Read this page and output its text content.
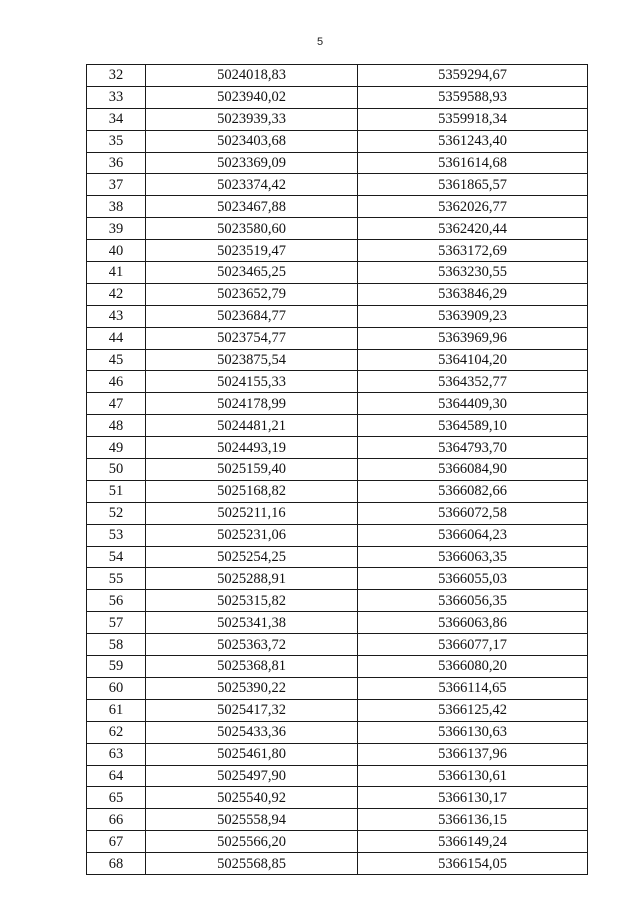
5
32	5024018,83	5359294,67
33	5023940,02	5359588,93
34	5023939,33	5359918,34
35	5023403,68	5361243,40
36	5023369,09	5361614,68
37	5023374,42	5361865,57
38	5023467,88	5362026,77
39	5023580,60	5362420,44
40	5023519,47	5363172,69
41	5023465,25	5363230,55
42	5023652,79	5363846,29
43	5023684,77	5363909,23
44	5023754,77	5363969,96
45	5023875,54	5364104,20
46	5024155,33	5364352,77
47	5024178,99	5364409,30
48	5024481,21	5364589,10
49	5024493,19	5364793,70
50	5025159,40	5366084,90
51	5025168,82	5366082,66
52	5025211,16	5366072,58
53	5025231,06	5366064,23
54	5025254,25	5366063,35
55	5025288,91	5366055,03
56	5025315,82	5366056,35
57	5025341,38	5366063,86
58	5025363,72	5366077,17
59	5025368,81	5366080,20
60	5025390,22	5366114,65
61	5025417,32	5366125,42
62	5025433,36	5366130,63
63	5025461,80	5366137,96
64	5025497,90	5366130,61
65	5025540,92	5366130,17
66	5025558,94	5366136,15
67	5025566,20	5366149,24
68	5025568,85	5366154,05
